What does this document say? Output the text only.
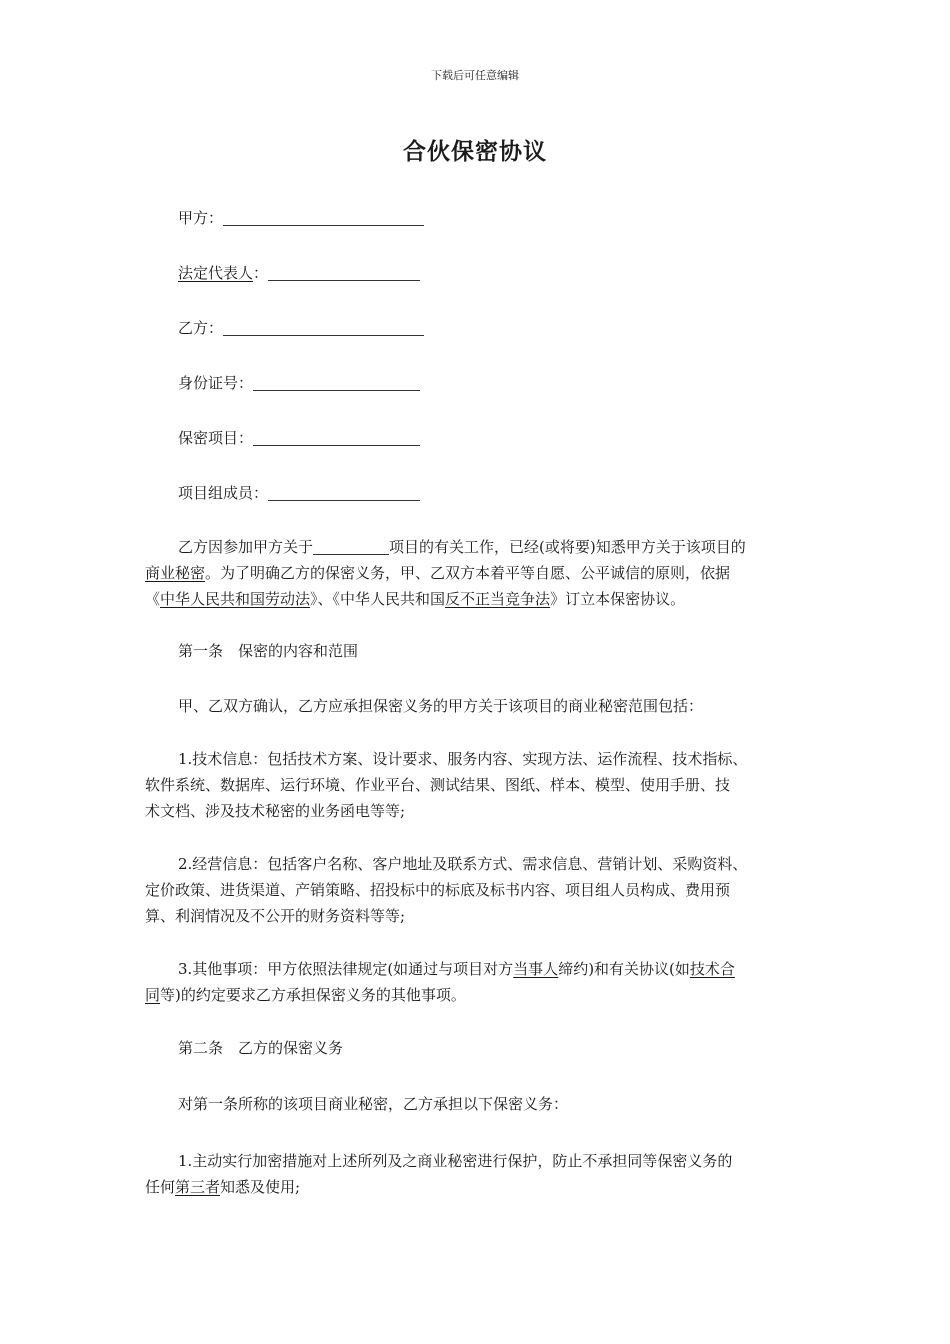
下载后可任意编辑
合伙保密协议
甲方：
法定代表人：
乙方：
身份证号：
保密项目：
项目组成员：
乙方因参加甲方关于	项目的有关工作，已经(或将要)知悉甲方关于该项目的
商业秘密。为了明确乙方的保密义务，甲、乙双方本着平等自愿、公平诚信的原则，依据
《中华人民共和国劳动法》、《中华人民共和国反不正当竞争法》订立本保密协议。
第一条　保密的内容和范围
甲、乙双方确认，乙方应承担保密义务的甲方关于该项目的商业秘密范围包括：
1.技术信息：包括技术方案、设计要求、服务内容、实现方法、运作流程、技术指标、
软件系统、数据库、运行环境、作业平台、测试结果、图纸、样本、模型、使用手册、技
术文档、涉及技术秘密的业务函电等等;
2.经营信息：包括客户名称、客户地址及联系方式、需求信息、营销计划、采购资料、
定价政策、进货渠道、产销策略、招投标中的标底及标书内容、项目组人员构成、费用预
算、利润情况及不公开的财务资料等等;
3.其他事项：甲方依照法律规定(如通过与项目对方当事人缔约)和有关协议(如技术合
同等)的约定要求乙方承担保密义务的其他事项。
第二条　乙方的保密义务
对第一条所称的该项目商业秘密，乙方承担以下保密义务：
1.主动实行加密措施对上述所列及之商业秘密进行保护，防止不承担同等保密义务的
任何第三者知悉及使用;
